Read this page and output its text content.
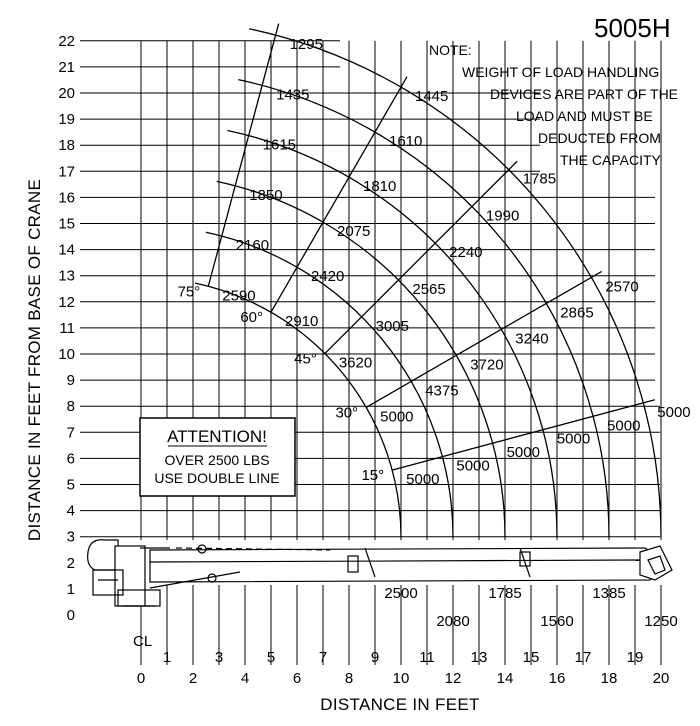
0
1
2
3
4
5
6
7
8
9
10
11
12
13
14
15
16
17
18
19
20
21
22
0
1
2
3
4
5
6
7
8
9
10
11
12
13
14
15
16
17
18
19
20
2500
2590
2910
3620
5000
5000
2080
2160
2420
3005
4375
5000
1785
1850
2075
2565
3720
5000
1560
1615
1810
2240
3240
5000
1385
1435
1610
1990
2865
5000
1250
1295
1445
1785
2570
5000
75°
60°
45°
30°
15°
5005H
NOTE:
WEIGHT OF LOAD HANDLING
DEVICES ARE PART OF THE
LOAD AND MUST BE
DEDUCTED FROM
THE CAPACITY
ATTENTION!
OVER 2500 LBS
USE DOUBLE LINE
CL
DISTANCE IN FEET
DISTANCE IN FEET FROM BASE OF CRANE
